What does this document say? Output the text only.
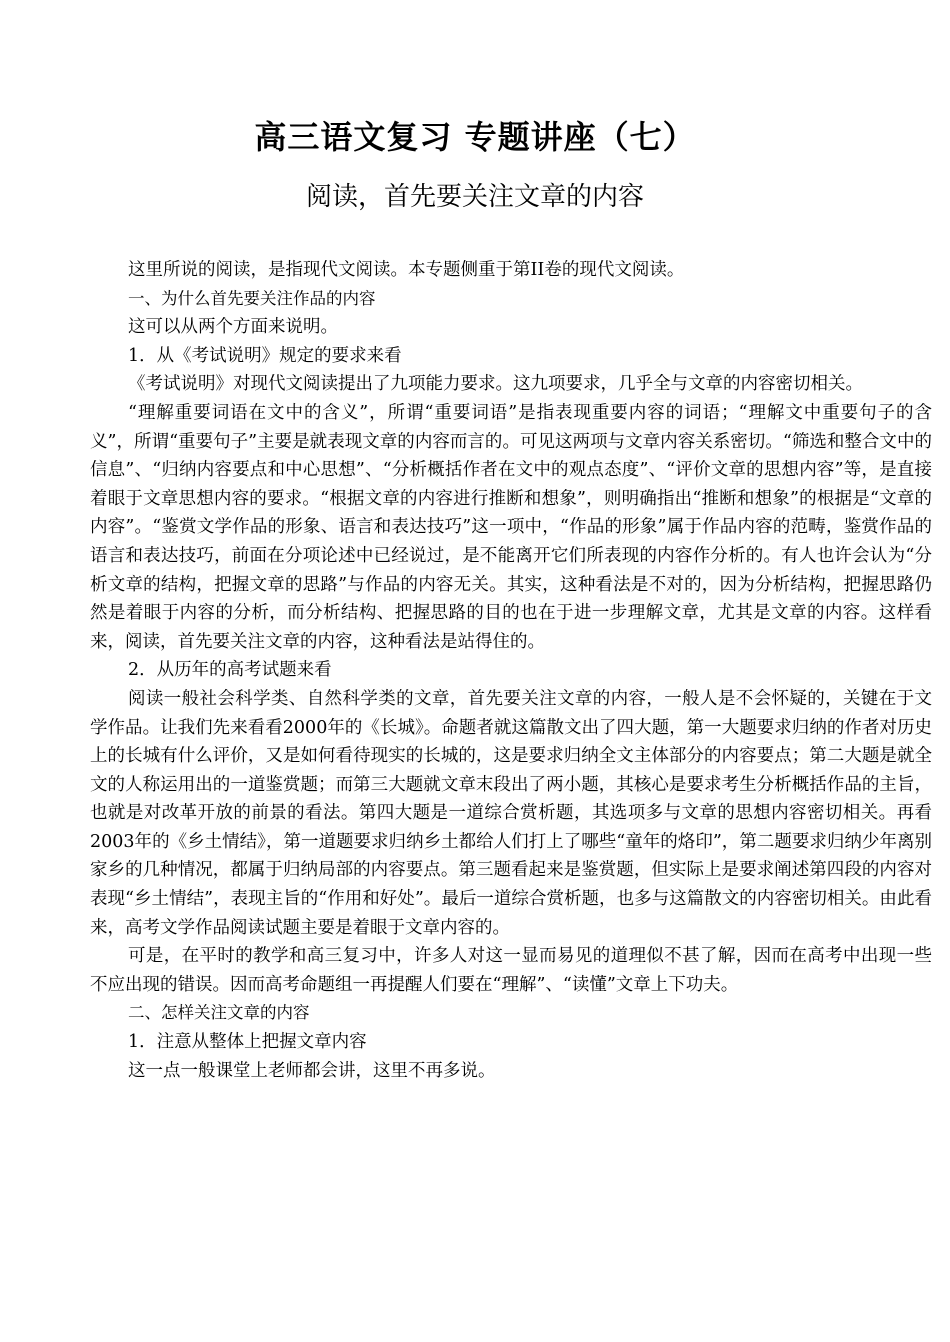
高三语文复习 专题讲座（七）
阅读，首先要关注文章的内容

这里所说的阅读，是指现代文阅读。本专题侧重于第II卷的现代文阅读。

一、为什么首先要关注作品的内容

这可以从两个方面来说明。

1．从《考试说明》规定的要求来看

《考试说明》对现代文阅读提出了九项能力要求。这九项要求，几乎全与文章的内容密切相关。

“理解重要词语在文中的含义”，所谓“重要词语”是指表现重要内容的词语；“理解文中重要句子的含义”，所谓“重要句子”主要是就表现文章的内容而言的。可见这两项与文章内容关系密切。“筛选和整合文中的信息”、“归纳内容要点和中心思想”、“分析概括作者在文中的观点态度”、“评价文章的思想内容”等，是直接着眼于文章思想内容的要求。“根据文章的内容进行推断和想象”，则明确指出“推断和想象”的根据是“文章的内容”。“鉴赏文学作品的形象、语言和表达技巧”这一项中，“作品的形象”属于作品内容的范畴，鉴赏作品的语言和表达技巧，前面在分项论述中已经说过，是不能离开它们所表现的内容作分析的。有人也许会认为“分析文章的结构，把握文章的思路”与作品的内容无关。其实，这种看法是不对的，因为分析结构，把握思路仍然是着眼于内容的分析，而分析结构、把握思路的目的也在于进一步理解文章，尤其是文章的内容。这样看来，阅读，首先要关注文章的内容，这种看法是站得住的。

2．从历年的高考试题来看

阅读一般社会科学类、自然科学类的文章，首先要关注文章的内容，一般人是不会怀疑的，关键在于文学作品。让我们先来看看2000年的《长城》。命题者就这篇散文出了四大题，第一大题要求归纳的作者对历史上的长城有什么评价，又是如何看待现实的长城的，这是要求归纳全文主体部分的内容要点；第二大题是就全文的人称运用出的一道鉴赏题；而第三大题就文章末段出了两小题，其核心是要求考生分析概括作品的主旨，也就是对改革开放的前景的看法。第四大题是一道综合赏析题，其选项多与文章的思想内容密切相关。再看2003年的《乡土情结》，第一道题要求归纳乡土都给人们打上了哪些“童年的烙印”，第二题要求归纳少年离别家乡的几种情况，都属于归纳局部的内容要点。第三题看起来是鉴赏题，但实际上是要求阐述第四段的内容对表现“乡土情结”，表现主旨的“作用和好处”。最后一道综合赏析题，也多与这篇散文的内容密切相关。由此看来，高考文学作品阅读试题主要是着眼于文章内容的。

可是，在平时的教学和高三复习中，许多人对这一显而易见的道理似不甚了解，因而在高考中出现一些不应出现的错误。因而高考命题组一再提醒人们要在“理解”、“读懂”文章上下功夫。

二、怎样关注文章的内容

1．注意从整体上把握文章内容

这一点一般课堂上老师都会讲，这里不再多说。
